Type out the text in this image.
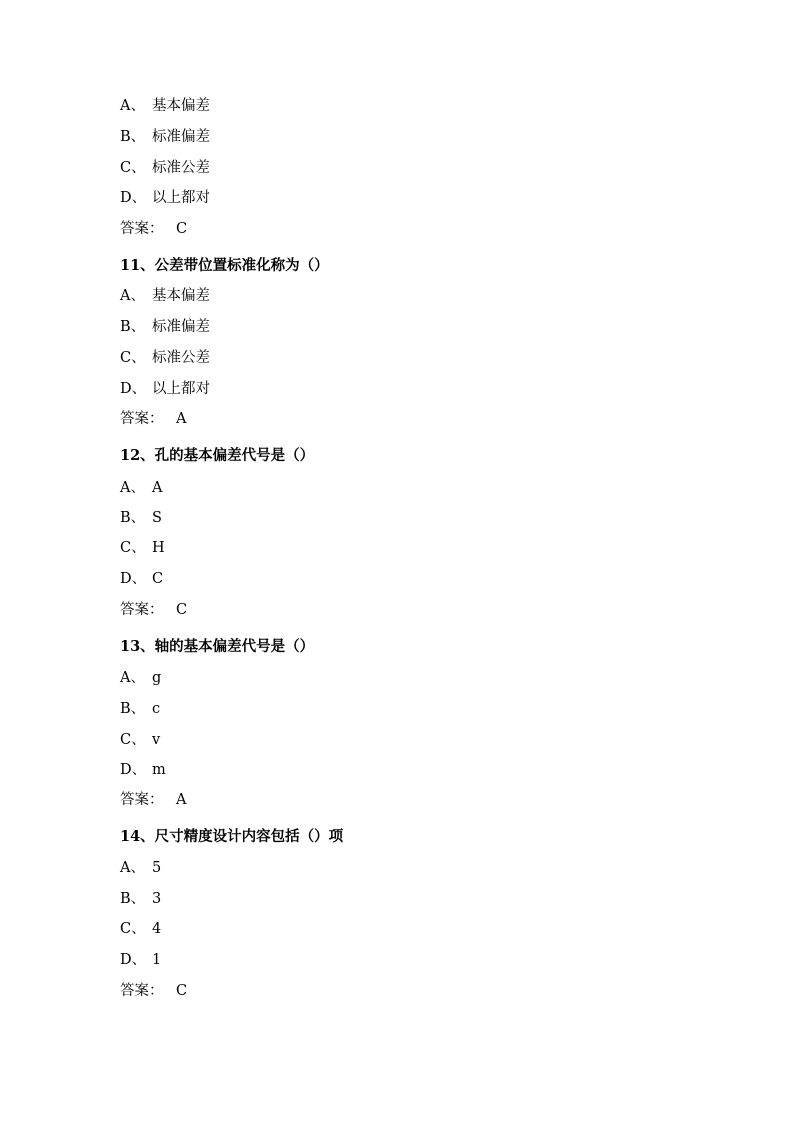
A、 基本偏差
B、 标准偏差
C、 标准公差
D、 以上都对
答案： C
11、公差带位置标准化称为（）
A、 基本偏差
B、 标准偏差
C、 标准公差
D、 以上都对
答案： A
12、孔的基本偏差代号是（）
A、 A
B、 S
C、 H
D、 C
答案： C
13、轴的基本偏差代号是（）
A、 g
B、 c
C、 v
D、 m
答案： A
14、尺寸精度设计内容包括（）项
A、 5
B、 3
C、 4
D、 1
答案： C
